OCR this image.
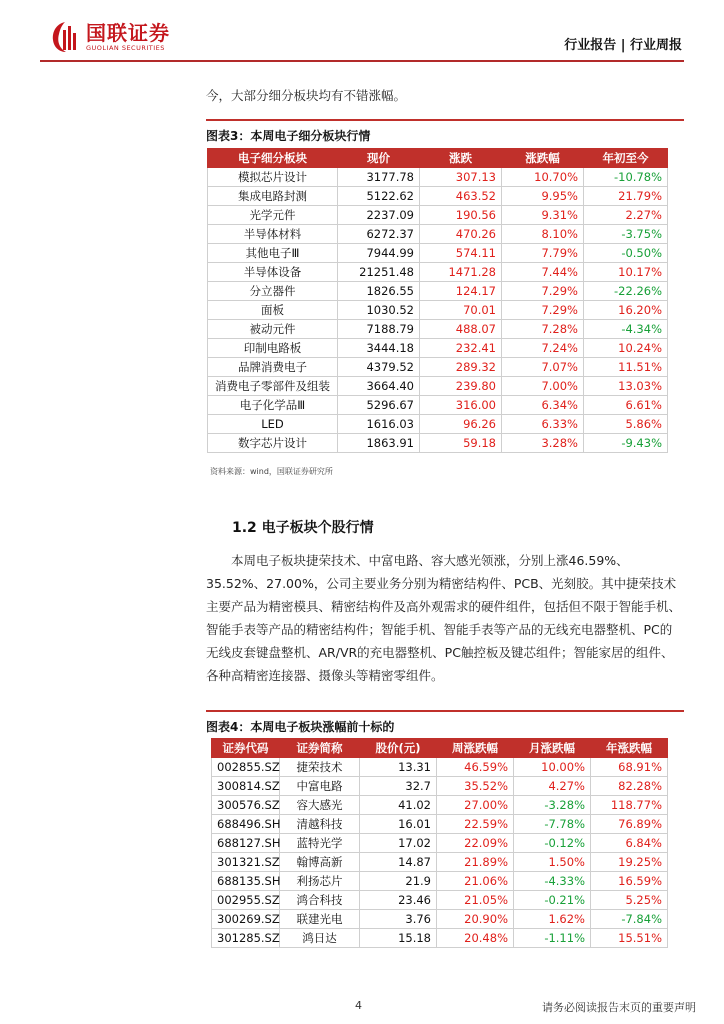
国联证券
GUOLIAN SECURITIES	行业报告 | 行业周报

今，大部分细分板块均有不错涨幅。

图表3：本周电子细分板块行情
电子细分板块	现价	涨跌	涨跌幅	年初至今
模拟芯片设计	3177.78	307.13	10.70%	-10.78%
集成电路封测	5122.62	463.52	9.95%	21.79%
光学元件	2237.09	190.56	9.31%	2.27%
半导体材料	6272.37	470.26	8.10%	-3.75%
其他电子Ⅲ	7944.99	574.11	7.79%	-0.50%
半导体设备	21251.48	1471.28	7.44%	10.17%
分立器件	1826.55	124.17	7.29%	-22.26%
面板	1030.52	70.01	7.29%	16.20%
被动元件	7188.79	488.07	7.28%	-4.34%
印制电路板	3444.18	232.41	7.24%	10.24%
品牌消费电子	4379.52	289.32	7.07%	11.51%
消费电子零部件及组装	3664.40	239.80	7.00%	13.03%
电子化学品Ⅲ	5296.67	316.00	6.34%	6.61%
LED	1616.03	96.26	6.33%	5.86%
数字芯片设计	1863.91	59.18	3.28%	-9.43%
资料来源：wind，国联证券研究所
1.2 电子板块个股行情

本周电子板块捷荣技术、中富电路、容大感光领涨，分别上涨46.59%、35.52%、27.00%，公司主要业务分别为精密结构件、PCB、光刻胶。其中捷荣技术主要产品为精密模具、精密结构件及高外观需求的硬件组件，包括但不限于智能手机、智能手表等产品的精密结构件；智能手机、智能手表等产品的无线充电器整机、PC的无线皮套键盘整机、AR/VR的充电器整机、PC触控板及键芯组件；智能家居的组件、各种高精密连接器、摄像头等精密零组件。

图表4：本周电子板块涨幅前十标的
证券代码	证券简称	股价(元)	周涨跌幅	月涨跌幅	年涨跌幅
002855.SZ	捷荣技术	13.31	46.59%	10.00%	68.91%
300814.SZ	中富电路	32.7	35.52%	4.27%	82.28%
300576.SZ	容大感光	41.02	27.00%	-3.28%	118.77%
688496.SH	清越科技	16.01	22.59%	-7.78%	76.89%
688127.SH	蓝特光学	17.02	22.09%	-0.12%	6.84%
301321.SZ	翰博高新	14.87	21.89%	1.50%	19.25%
688135.SH	利扬芯片	21.9	21.06%	-4.33%	16.59%
002955.SZ	鸿合科技	23.46	21.05%	-0.21%	5.25%
300269.SZ	联建光电	3.76	20.90%	1.62%	-7.84%
301285.SZ	鸿日达	15.18	20.48%	-1.11%	15.51%
4	请务必阅读报告末页的重要声明
